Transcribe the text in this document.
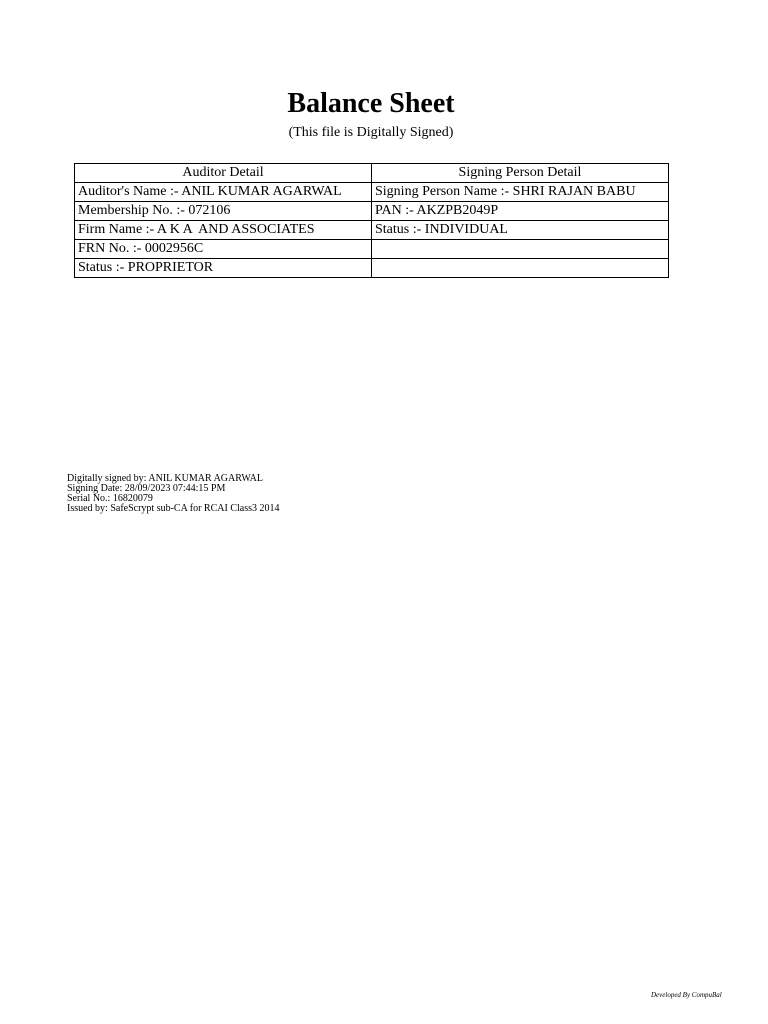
Balance Sheet
(This file is Digitally Signed)
Auditor Detail	Signing Person Detail
Auditor's Name :- ANIL KUMAR AGARWAL	Signing Person Name :- SHRI RAJAN BABU
Membership No. :- 072106	PAN :- AKZPB2049P
Firm Name :- A K A  AND ASSOCIATES	Status :- INDIVIDUAL
FRN No. :- 0002956C	
Status :- PROPRIETOR	
Digitally signed by: ANIL KUMAR AGARWAL
Signing Date: 28/09/2023 07:44:15 PM
Serial No.: 16820079
Issued by: SafeScrypt sub-CA for RCAI Class3 2014
Developed By CompuBal
